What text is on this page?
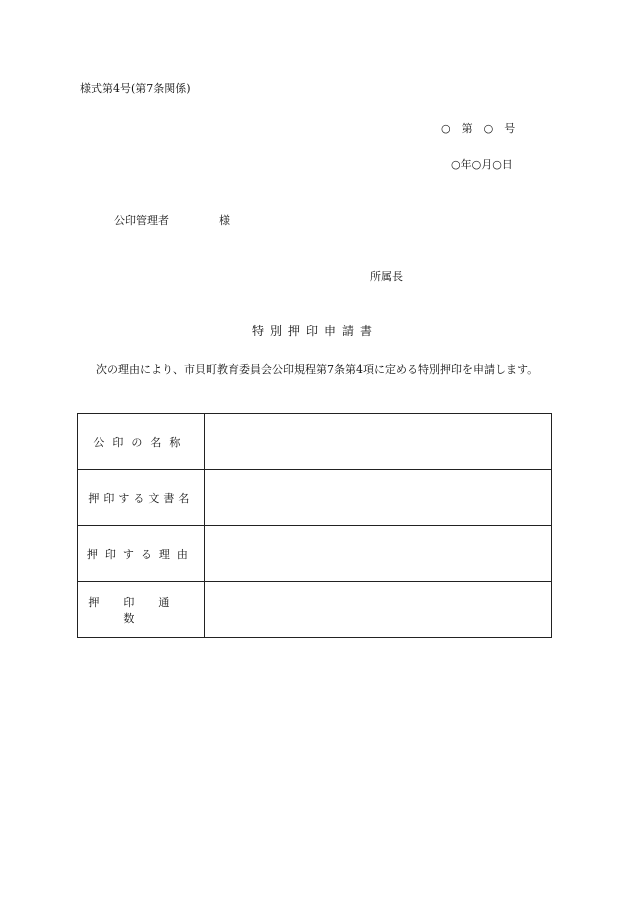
様式第4号(第7条関係)
○　第　○　号
○年○月○日
公印管理者	様
所属長
特別押印申請書
次の理由により、市貝町教育委員会公印規程第7条第4項に定める特別押印を申請します。
公印の名称	
押印する文書名	
押印する理由	
押印通数	
